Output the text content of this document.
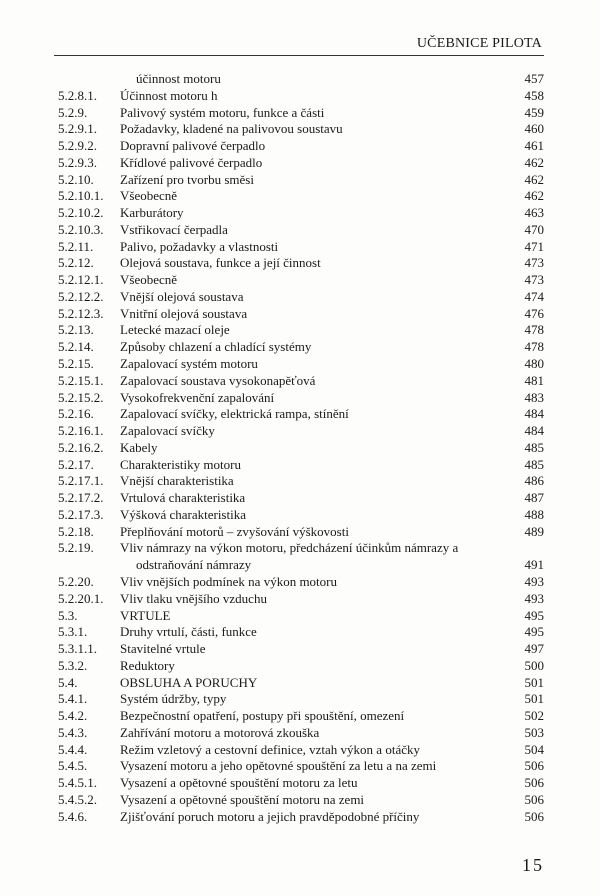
UČEBNICE PILOTA
účinnost motoru	457
5.2.8.1. Účinnost motoru h	458
5.2.9.	Palivový systém motoru, funkce a části	459
5.2.9.1. Požadavky, kladené na palivovou soustavu	460
5.2.9.2. Dopravní palivové čerpadlo	461
5.2.9.3. Křídlové palivové čerpadlo	462
5.2.10. Zařízení pro tvorbu směsi	462
5.2.10.1. Všeobecně	462
5.2.10.2. Karburátory	463
5.2.10.3. Vstřikovací čerpadla	470
5.2.11. Palivo, požadavky a vlastnosti	471
5.2.12. Olejová soustava, funkce a její činnost	473
5.2.12.1. Všeobecně	473
5.2.12.2. Vnější olejová soustava	474
5.2.12.3. Vnitřní olejová soustava	476
5.2.13. Letecké mazací oleje	478
5.2.14. Způsoby chlazení a chladící systémy	478
5.2.15. Zapalovací systém motoru	480
5.2.15.1. Zapalovací soustava vysokonapěťová	481
5.2.15.2. Vysokofrekvenční zapalování	483
5.2.16. Zapalovací svíčky, elektrická rampa, stínění	484
5.2.16.1. Zapalovací svíčky	484
5.2.16.2. Kabely	485
5.2.17. Charakteristiky motoru	485
5.2.17.1. Vnější charakteristika	486
5.2.17.2. Vrtulová charakteristika	487
5.2.17.3. Výšková charakteristika	488
5.2.18. Přeplňování motorů – zvyšování výškovosti	489
5.2.19. Vliv námrazy na výkon motoru, předcházení účinkům námrazy a
odstraňování námrazy	491
5.2.20. Vliv vnějších podmínek na výkon motoru	493
5.2.20.1. Vliv tlaku vnějšího vzduchu	493
5.3.	VRTULE	495
5.3.1.	Druhy vrtulí, části, funkce	495
5.3.1.1. Stavitelné vrtule	497
5.3.2.	Reduktory	500
5.4.	OBSLUHA A PORUCHY	501
5.4.1.	Systém údržby, typy	501
5.4.2.	Bezpečnostní opatření, postupy při spouštění, omezení	502
5.4.3.	Zahřívání motoru a motorová zkouška	503
5.4.4.	Režim vzletový a cestovní definice, vztah výkon a otáčky	504
5.4.5.	Vysazení motoru a jeho opětovné spouštění za letu a na zemi	506
5.4.5.1. Vysazení a opětovné spouštění motoru za letu	506
5.4.5.2. Vysazení a opětovné spouštění motoru na zemi	506
5.4.6.	Zjišťování poruch motoru a jejich pravděpodobné příčiny	506
15
